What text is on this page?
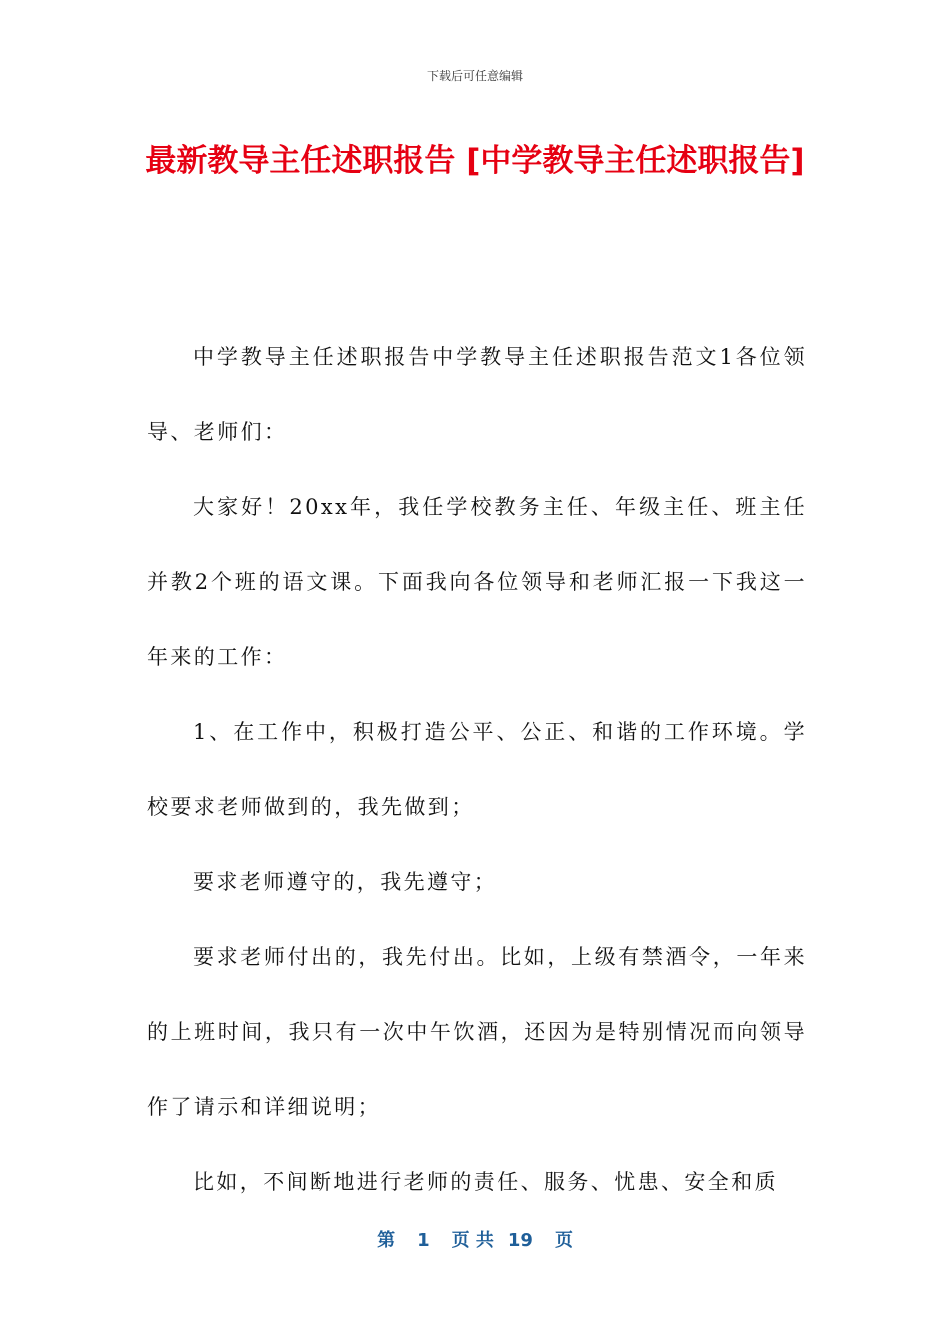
下载后可任意编辑
最新教导主任述职报告 [中学教导主任述职报告]

中学教导主任述职报告中学教导主任述职报告范文1各位领导、老师们：

大家好！20xx年，我任学校教务主任、年级主任、班主任并教2个班的语文课。下面我向各位领导和老师汇报一下我这一年来的工作：

1、在工作中，积极打造公平、公正、和谐的工作环境。学校要求老师做到的，我先做到；

要求老师遵守的，我先遵守；

要求老师付出的，我先付出。比如，上级有禁酒令，一年来的上班时间，我只有一次中午饮酒，还因为是特别情况而向领导作了请示和详细说明；

比如，不间断地进行老师的责任、服务、忧患、安全和质

第 1 页 共 19 页
